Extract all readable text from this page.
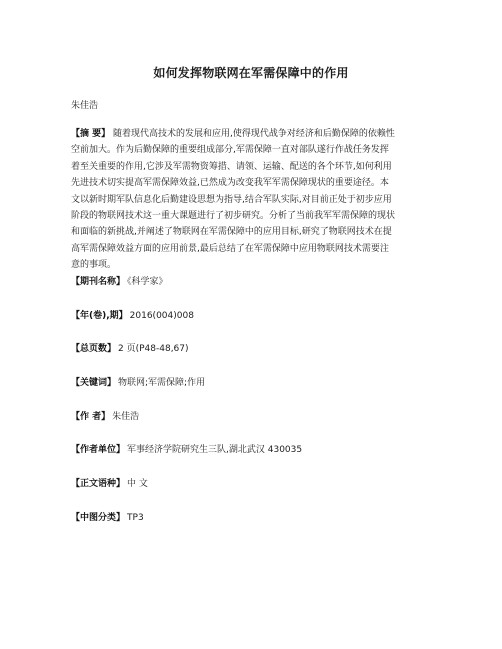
如何发挥物联网在军需保障中的作用
朱佳浩
【摘 要】 随着现代高技术的发展和应用,使得现代战争对经济和后勤保障的依赖性
空前加大。作为后勤保障的重要组成部分,军需保障一直对部队遂行作战任务发挥
着至关重要的作用,它涉及军需物资筹措、请领、运输、配送的各个环节,如何利用
先进技术切实提高军需保障效益,已然成为改变我军军需保障现状的重要途径。本
文以新时期军队信息化后勤建设思想为指导,结合军队实际,对目前正处于初步应用
阶段的物联网技术这一重大课题进行了初步研究。分析了当前我军军需保障的现状
和面临的新挑战,并阐述了物联网在军需保障中的应用目标,研究了物联网技术在提
高军需保障效益方面的应用前景,最后总结了在军需保障中应用物联网技术需要注
意的事项。
【期刊名称】 《科学家》
【年(卷),期】 2016(004)008
【总页数】 2 页(P48-48,67)
【关键词】 物联网;军需保障;作用
【作 者】 朱佳浩
【作者单位】 军事经济学院研究生三队,湖北武汉 430035
【正文语种】 中 文
【中图分类】 TP3
